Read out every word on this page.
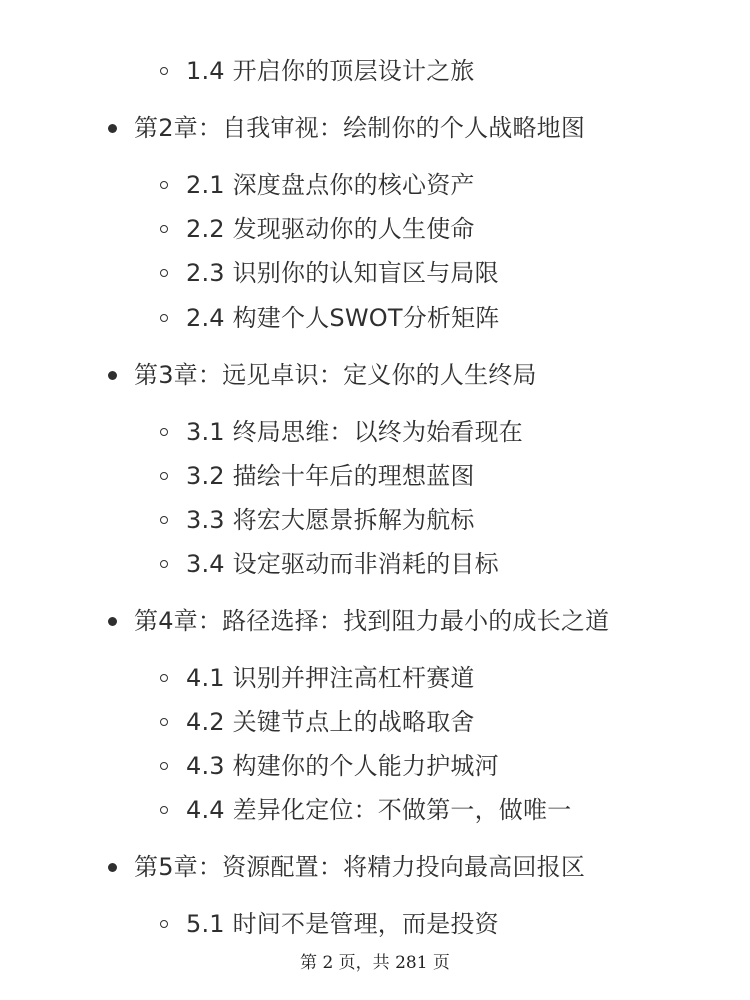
1.4 开启你的顶层设计之旅
第2章：自我审视：绘制你的个人战略地图
2.1 深度盘点你的核心资产
2.2 发现驱动你的人生使命
2.3 识别你的认知盲区与局限
2.4 构建个人SWOT分析矩阵
第3章：远见卓识：定义你的人生终局
3.1 终局思维：以终为始看现在
3.2 描绘十年后的理想蓝图
3.3 将宏大愿景拆解为航标
3.4 设定驱动而非消耗的目标
第4章：路径选择：找到阻力最小的成长之道
4.1 识别并押注高杠杆赛道
4.2 关键节点上的战略取舍
4.3 构建你的个人能力护城河
4.4 差异化定位：不做第一，做唯一
第5章：资源配置：将精力投向最高回报区
5.1 时间不是管理，而是投资
第 2 页，共 281 页
